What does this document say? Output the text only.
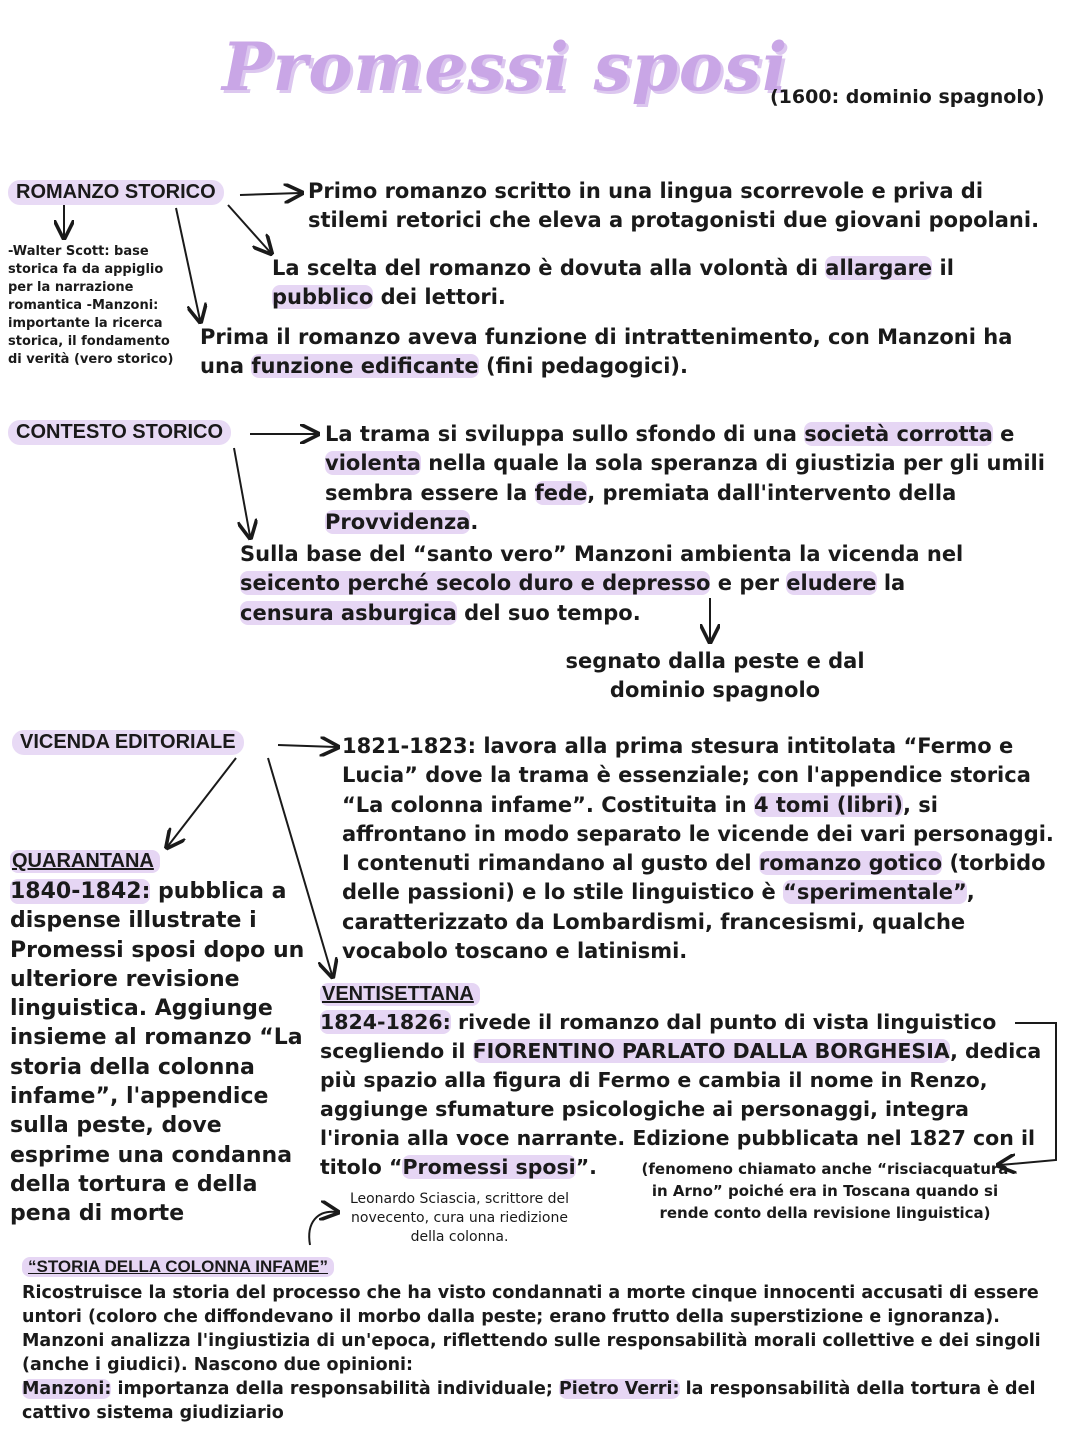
Promessi sposi
(1600: dominio spagnolo)
ROMANZO STORICO	Primo romanzo scritto in una lingua scorrevole e priva di stilemi retorici che eleva a protagonisti due giovani popolani.
La scelta del romanzo è dovuta alla volontà di allargare il pubblico dei lettori.
-Walter Scott: base storica fa da appiglio per la narrazione romantica -Manzoni: importante la ricerca storica, il fondamento di verità (vero storico)
Prima il romanzo aveva funzione di intrattenimento, con Manzoni ha una funzione edificante (fini pedagogici).
CONTESTO STORICO	La trama si sviluppa sullo sfondo di una società corrotta e violenta nella quale la sola speranza di giustizia per gli umili sembra essere la fede, premiata dall'intervento della Provvidenza.
Sulla base del “santo vero” Manzoni ambienta la vicenda nel seicento perché secolo duro e depresso e per eludere la censura asburgica del suo tempo.
segnato dalla peste e dal dominio spagnolo
VICENDA EDITORIALE	1821-1823: lavora alla prima stesura intitolata “Fermo e Lucia” dove la trama è essenziale; con l'appendice storica “La colonna infame”. Costituita in 4 tomi (libri), si affrontano in modo separato le vicende dei vari personaggi. I contenuti rimandano al gusto del romanzo gotico (torbido delle passioni) e lo stile linguistico è “sperimentale”, caratterizzato da Lombardismi, francesismi, qualche vocabolo toscano e latinismi.
QUARANTANA
1840-1842: pubblica a dispense illustrate i Promessi sposi dopo un ulteriore revisione linguistica. Aggiunge insieme al romanzo “La storia della colonna infame”, l'appendice sulla peste, dove esprime una condanna della tortura e della pena di morte
VENTISETTANA
1824-1826: rivede il romanzo dal punto di vista linguistico scegliendo il FIORENTINO PARLATO DALLA BORGHESIA, dedica più spazio alla figura di Fermo e cambia il nome in Renzo, aggiunge sfumature psicologiche ai personaggi, integra l'ironia alla voce narrante. Edizione pubblicata nel 1827 con il titolo “Promessi sposi”.	(fenomeno chiamato anche “risciacquatura in Arno” poiché era in Toscana quando si rende conto della revisione linguistica)
Leonardo Sciascia, scrittore del novecento, cura una riedizione della colonna.
“STORIA DELLA COLONNA INFAME”
Ricostruisce la storia del processo che ha visto condannati a morte cinque innocenti accusati di essere untori (coloro che diffondevano il morbo dalla peste; erano frutto della superstizione e ignoranza). Manzoni analizza l'ingiustizia di un'epoca, riflettendo sulle responsabilità morali collettive e dei singoli (anche i giudici). Nascono due opinioni:
Manzoni: importanza della responsabilità individuale; Pietro Verri: la responsabilità della tortura è del cattivo sistema giudiziario
